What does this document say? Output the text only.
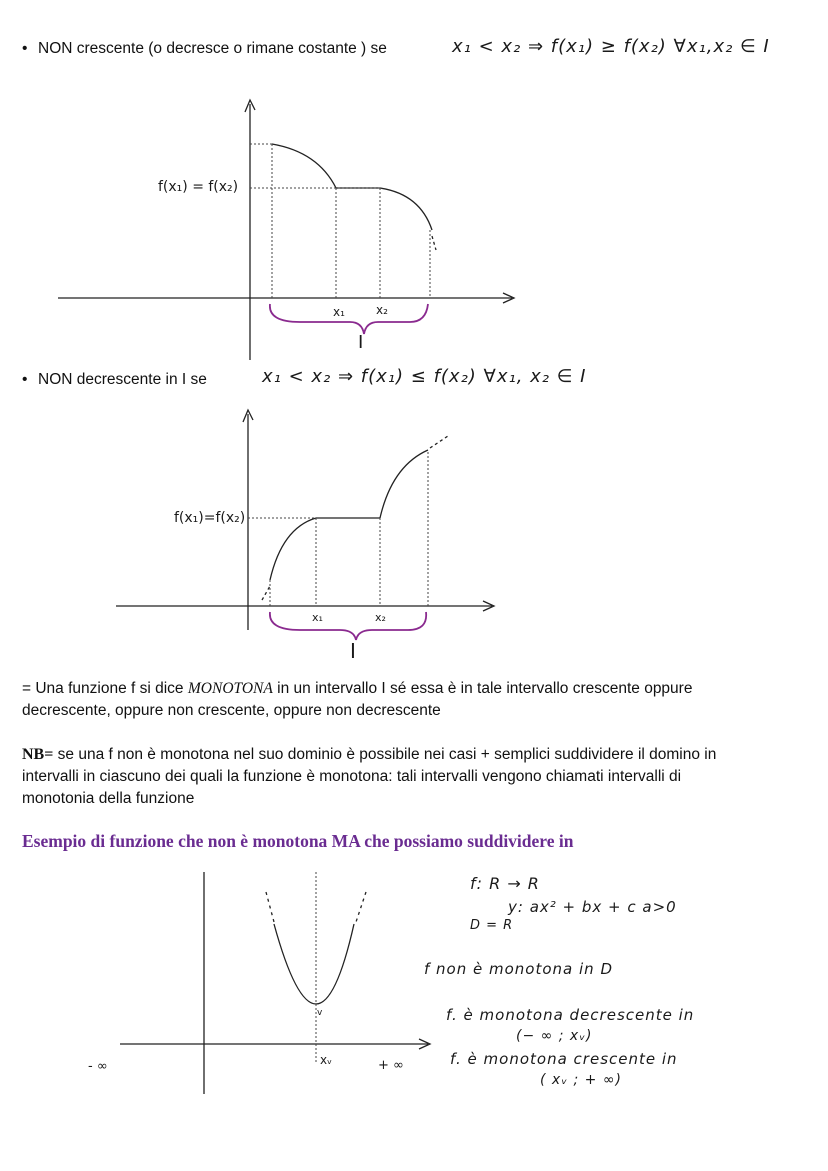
• NON crescente (o decresce o rimane costante ) se	x₁ < x₂ ⇒ f(x₁) ≥ f(x₂) ∀x₁,x₂ ∈ I
f(x₁) = f(x₂)
x₁	x₂
I
• NON decrescente in I se	x₁ < x₂ ⇒ f(x₁) ≤ f(x₂) ∀x₁, x₂ ∈ I
f(x₁)=f(x₂)
x₁	x₂
I
= Una funzione f si dice MONOTONA in un intervallo I sé essa è in tale intervallo crescente oppure
decrescente, oppure non crescente, oppure non decrescente
NB= se una f non è monotona nel suo dominio è possibile nei casi + semplici suddividere il domino in
intervalli in ciascuno dei quali la funzione è monotona: tali intervalli vengono chiamati intervalli di
monotonia della funzione
Esempio di funzione che non è monotona MA che possiamo suddividere in
v
- ∞	xᵥ	+ ∞
f: R → R
y: ax² + bx + c a>0
D = R
f non è monotona in D
f. è monotona decrescente in
(− ∞ ; xᵥ)
f. è monotona crescente in
( xᵥ ; + ∞)
